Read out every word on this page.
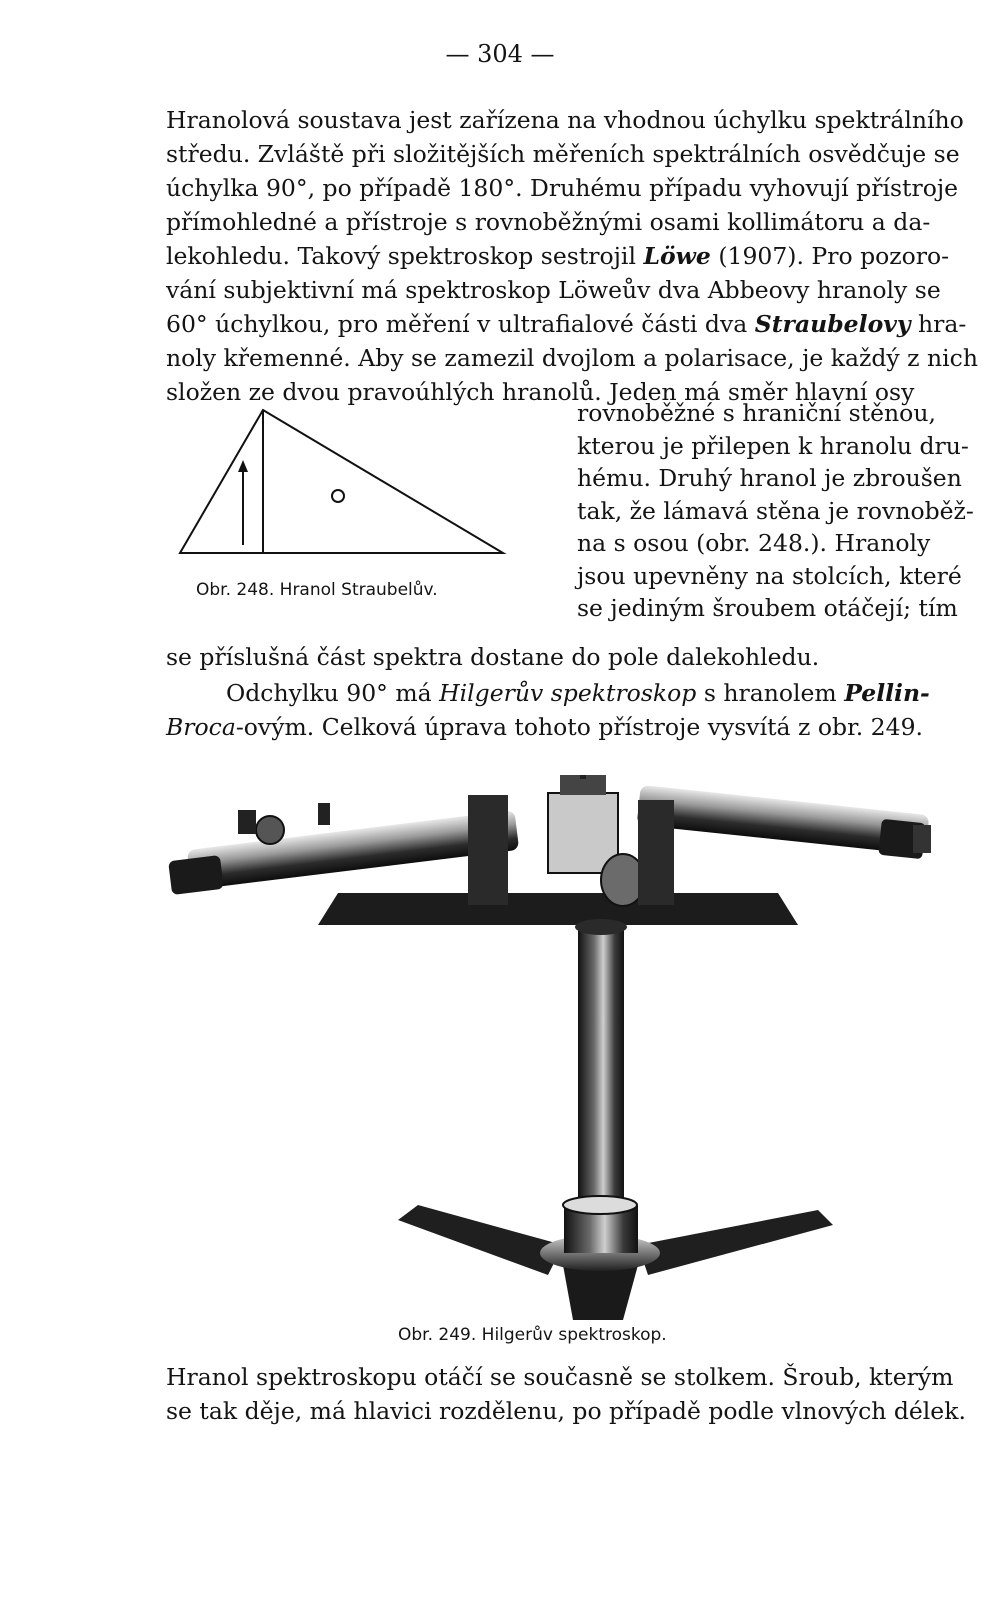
— 304 —
Hranolová soustava jest zařízena na vhodnou úchylku spektrálního
středu. Zvláště při složitějších měřeních spektrálních osvědčuje se
úchylka 90°, po případě 180°. Druhému případu vyhovují přístroje
přímohledné a přístroje s rovnoběžnými osami kollimátoru a da-
lekohledu. Takový spektroskop sestrojil Löwe (1907). Pro pozoro-
vání subjektivní má spektroskop Löweův dva Abbeovy hranoly se
60° úchylkou, pro měření v ultrafialové části dva Straubelovy hra-
noly křemenné. Aby se zamezil dvojlom a polarisace, je každý z nich
složen ze dvou pravoúhlých hranolů. Jeden má směr hlavní osy
Obr. 248. Hranol Straubelův.
rovnoběžné s hraniční stěnou,
kterou je přilepen k hranolu dru-
hému. Druhý hranol je zbroušen
tak, že lámavá stěna je rovnoběž-
na s osou (obr. 248.). Hranoly
jsou upevněny na stolcích, které
se jediným šroubem otáčejí; tím
se příslušná část spektra dostane do pole dalekohledu.
Odchylku 90° má Hilgerův spektroskop s hranolem Pellin-
Broca-ovým. Celková úprava tohoto přístroje vysvítá z obr. 249.
Obr. 249. Hilgerův spektroskop.
Hranol spektroskopu otáčí se současně se stolkem. Šroub, kterým
se tak děje, má hlavici rozdělenu, po případě podle vlnových délek.
